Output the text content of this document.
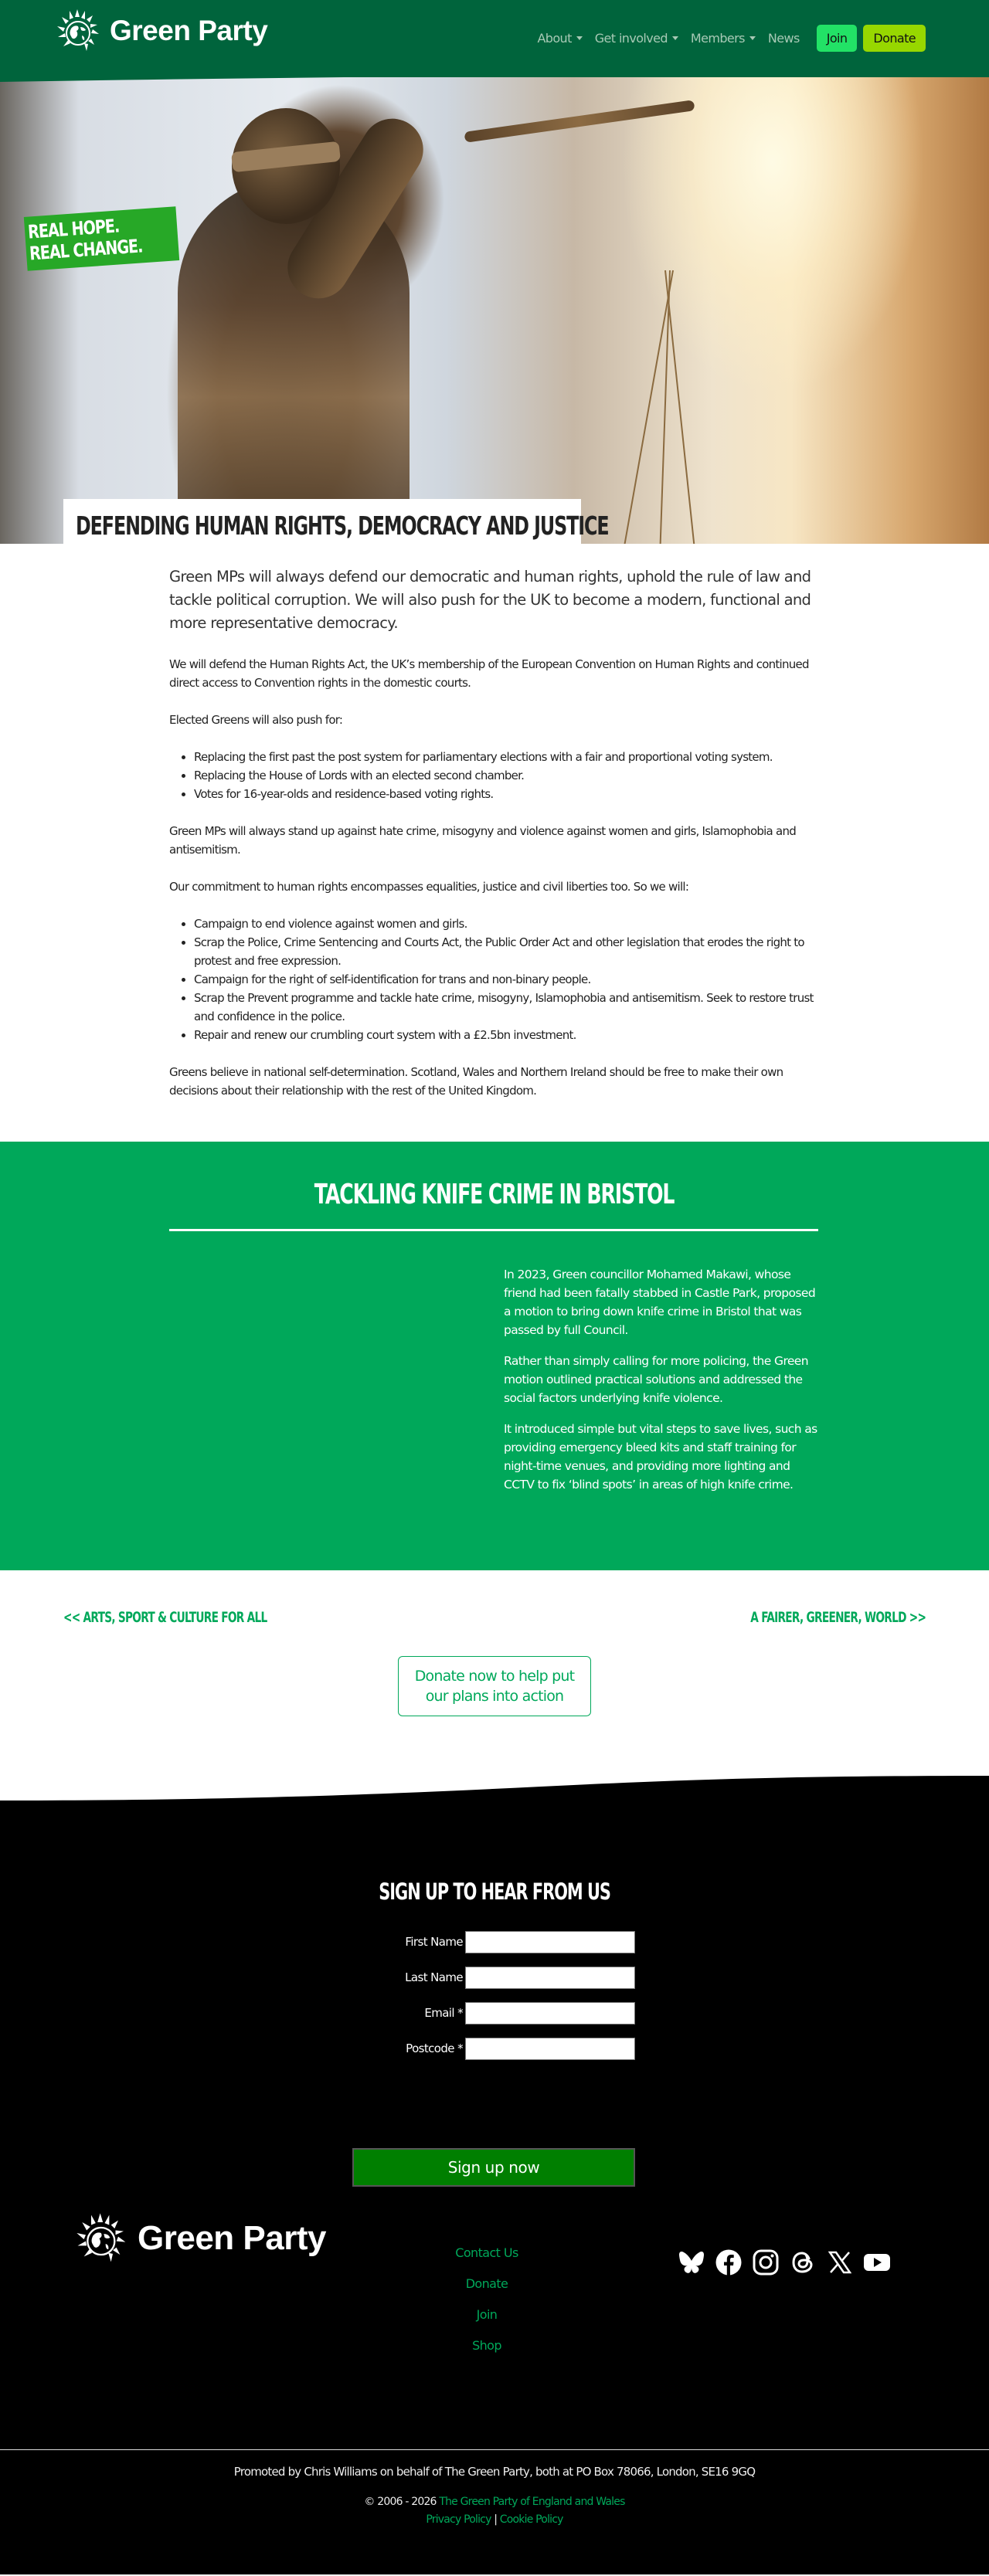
Green Party	About Get involved Members News	Join	Donate
REAL HOPE.
REAL CHANGE.
DEFENDING HUMAN RIGHTS, DEMOCRACY AND JUSTICE

Green MPs will always defend our democratic and human rights, uphold the rule of law and tackle political corruption. We will also push for the UK to become a modern, functional and more representative democracy.

We will defend the Human Rights Act, the UK’s membership of the European Convention on Human Rights and continued direct access to Convention rights in the domestic courts.

Elected Greens will also push for:

• Replacing the first past the post system for parliamentary elections with a fair and proportional voting system.
• Replacing the House of Lords with an elected second chamber.
• Votes for 16-year-olds and residence-based voting rights.

Green MPs will always stand up against hate crime, misogyny and violence against women and girls, Islamophobia and antisemitism.

Our commitment to human rights encompasses equalities, justice and civil liberties too. So we will:

• Campaign to end violence against women and girls.
• Scrap the Police, Crime Sentencing and Courts Act, the Public Order Act and other legislation that erodes the right to protest and free expression.
• Campaign for the right of self-identification for trans and non-binary people.
• Scrap the Prevent programme and tackle hate crime, misogyny, Islamophobia and antisemitism. Seek to restore trust and confidence in the police.
• Repair and renew our crumbling court system with a £2.5bn investment.

Greens believe in national self-determination. Scotland, Wales and Northern Ireland should be free to make their own decisions about their relationship with the rest of the United Kingdom.

TACKLING KNIFE CRIME IN BRISTOL

In 2023, Green councillor Mohamed Makawi, whose friend had been fatally stabbed in Castle Park, proposed a motion to bring down knife crime in Bristol that was passed by full Council.

Rather than simply calling for more policing, the Green motion outlined practical solutions and addressed the social factors underlying knife violence.

It introduced simple but vital steps to save lives, such as providing emergency bleed kits and staff training for night-time venues, and providing more lighting and CCTV to fix ‘blind spots’ in areas of high knife crime.

<< ARTS, SPORT & CULTURE FOR ALL	A FAIRER, GREENER, WORLD >>
Donate now to help put our plans into action
SIGN UP TO HEAR FROM US
First Name
Last Name
Email *
Postcode *
Sign up now
Green Party	Contact Us
Donate
Join
Shop

Promoted by Chris Williams on behalf of The Green Party, both at PO Box 78066, London, SE16 9GQ

© 2006 - 2026 The Green Party of England and Wales

Privacy Policy | Cookie Policy
